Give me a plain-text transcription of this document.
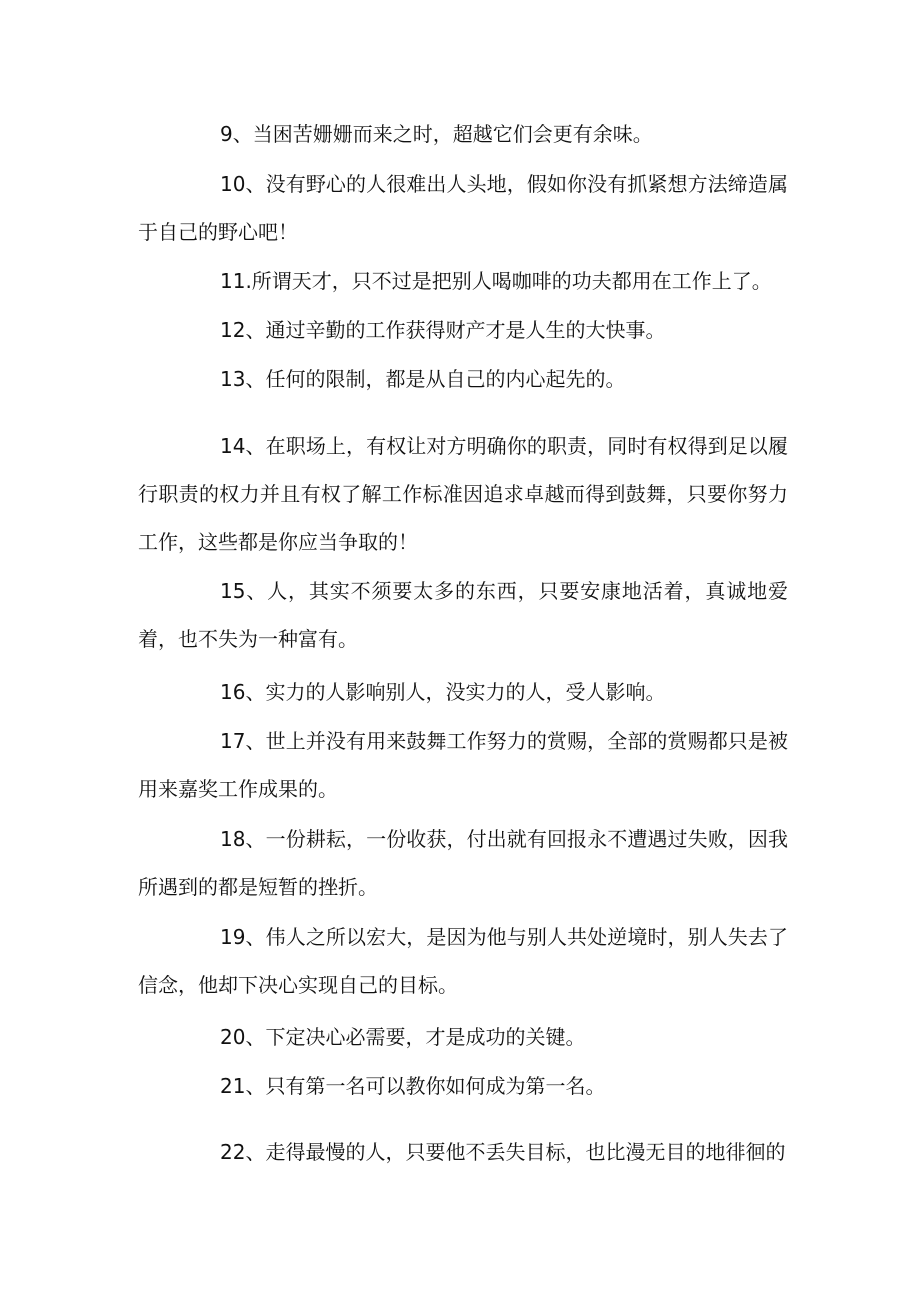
9、当困苦姗姗而来之时，超越它们会更有余味。

10、没有野心的人很难出人头地，假如你没有抓紧想方法缔造属于自己的野心吧！

11.所谓天才，只不过是把别人喝咖啡的功夫都用在工作上了。

12、通过辛勤的工作获得财产才是人生的大快事。

13、任何的限制，都是从自己的内心起先的。

14、在职场上，有权让对方明确你的职责，同时有权得到足以履行职责的权力并且有权了解工作标准因追求卓越而得到鼓舞，只要你努力工作，这些都是你应当争取的！

15、人，其实不须要太多的东西，只要安康地活着，真诚地爱着，也不失为一种富有。

16、实力的人影响别人，没实力的人，受人影响。

17、世上并没有用来鼓舞工作努力的赏赐，全部的赏赐都只是被用来嘉奖工作成果的。

18、一份耕耘，一份收获，付出就有回报永不遭遇过失败，因我所遇到的都是短暂的挫折。

19、伟人之所以宏大，是因为他与别人共处逆境时，别人失去了信念，他却下决心实现自己的目标。

20、下定决心必需要，才是成功的关键。

21、只有第一名可以教你如何成为第一名。

22、走得最慢的人，只要他不丢失目标，也比漫无目的地徘徊的
